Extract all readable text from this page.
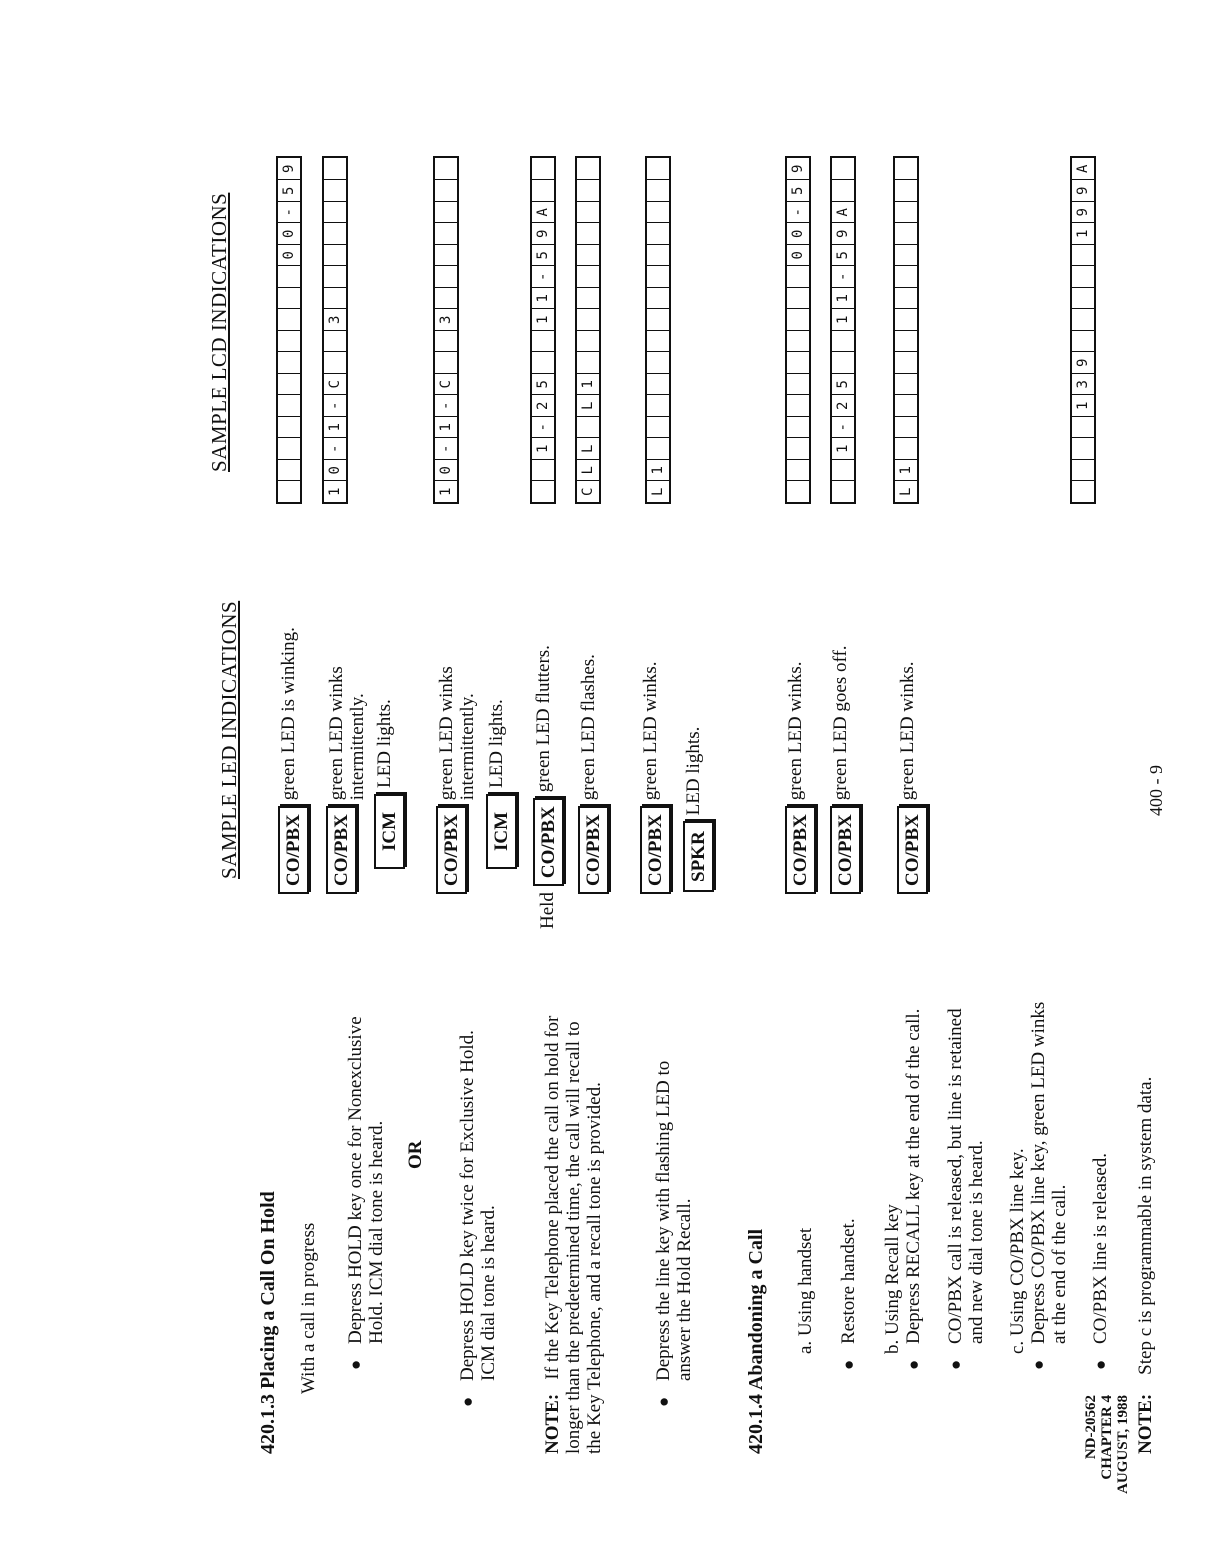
ND-20562 CHAPTER 4 AUGUST, 1988
SAMPLE LED INDICATIONS
SAMPLE LCD INDICATIONS
420.1.3 Placing a Call On Hold With a call in progress ● Depress HOLD key once for Nonexclusive Hold. ICM dial tone is heard. OR ● Depress HOLD key twice for Exclusive Hold. ICM dial tone is heard.
NOTE:   If the Key Telephone placed the call on hold for longer than the predetermined time, the call will recall to the Key Telephone, and a recall tone is provided.	● Depress the line key with flashing LED to answer the Hold Recall.	420.1.4 Abandoning a Call a. Using handset ● Restore handset. b. Using Recall key ● Depress RECALL key at the end of the call. ● CO/PBX call is released, but line is retained and new dial tone is heard. c. Using CO/PBX line key. ● Depress CO/PBX line key, green LED winks at the end of the call. ● CO/PBX line is released.
NOTE:    Step c is programmable in system data.
CO/PBX
green LED is winking.
CO/PBX
green LED winks
intermittently.
ICM
LED lights.
CO/PBX
green LED winks
intermittently.
ICM
LED lights.
Held
CO/PBX
green LED flutters.
CO/PBX
green LED flashes.
CO/PBX
green LED winks.
SPKR
LED lights.
CO/PBX
green LED winks.
CO/PBX
green LED goes off.
CO/PBX
green LED winks.
0
0
-
5
9
1
0
-
1
-
C
3
1
0
-
1
-
C
3
1
-
2
5
1
1
-
5
9
A
C
L
L
L
1
L
1
0
0
-
5
9
1
-
2
5
1
1
-
5
9
A
L
1
1
3
9
1
9
9
A
400 - 9
